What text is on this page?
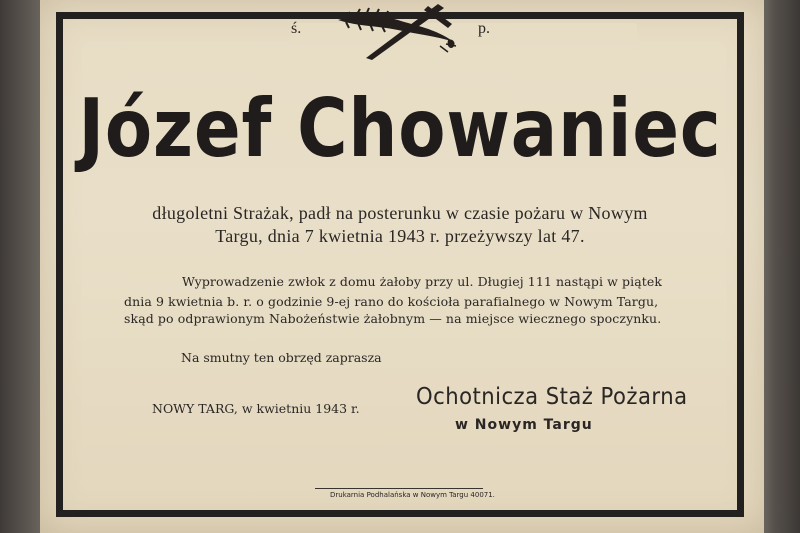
ś.	p.
Józef Chowaniec
długoletni Strażak, padł na posterunku w czasie pożaru w Nowym
Targu, dnia 7 kwietnia 1943 r. przeżywszy lat 47.
Wyprowadzenie zwłok z domu żałoby przy ul. Długiej 111 nastąpi w piątek
dnia 9 kwietnia b. r. o godzinie 9-ej rano do kościoła parafialnego w Nowym Targu,
skąd po odprawionym Nabożeństwie żałobnym — na miejsce wiecznego spoczynku.
Na smutny ten obrzęd zaprasza
NOWY TARG, w kwietniu 1943 r. Ochotnicza Staż Pożarna
w Nowym Targu
Drukarnia Podhalańska w Nowym Targu 40071.
